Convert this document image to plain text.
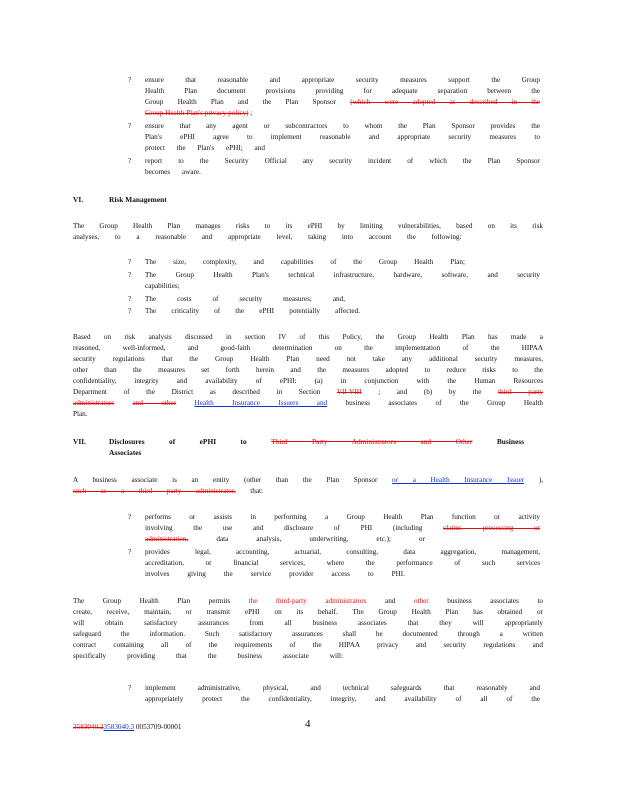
? ensure that reasonable and appropriate security measures support the Group
Health Plan document provisions providing for adequate separation between the
Group Health Plan and the Plan Sponsor (which were adopted as described in the
Group Health Plan's privacy policy) ;
? ensure that any agent or subcontractors to whom the Plan Sponsor provides the
Plan's ePHI agree to implement reasonable and appropriate security measures to
protect the Plan's ePHI; and
? report to the Security Official any security incident of which the Plan Sponsor
becomes aware.
VI.	Risk Management
The Group Health Plan manages risks to its ePHI by limiting vulnerabilities, based on its risk
analyses, to a reasonable and appropriate level, taking into account the following:
? The size, complexity, and capabilities of the Group Health Plan;
? The Group Health Plan's technical infrastructure, hardware, software, and security
capabilities;
? The costs of security measures; and,
? The criticality of the ePHI potentially affected.
Based on risk analysis discussed in section IV of this Policy, the Group Health Plan has made a
reasoned, well-informed, and good-faith determination on the implementation of the HIPAA
security regulations that the Group Health Plan need not take any additional security measures,
other than the measures set forth herein and the measures adopted to reduce risks to the
confidentiality, integrity and availability of ePHI: (a) in conjunction with the Human Resources
Department of the District as described in Section VII-VIII ; and (b) by the third party
administrators	and other	Health Insurance Issuers and	business associates of the Group Health
Plan.
VII.	Disclosures of ePHI to	Third Party Administrators and Other	Business
Associates
A business associate is an entity (other than the Plan Sponsor or a Health Insurance Issuer ),
such as a third party administrator, that:
? performs or assists in performing a Group Health Plan function or activity
involving the use and disclosure of PHI (including	claims processing or
administration,	data analysis, underwriting, etc.); or
? provides legal, accounting, actuarial, consulting, data aggregation, management,
accreditation, or financial services, where the performance of such services
involves giving the service provider access to PHI.
The Group Health Plan permits	the third-party administrators	and	other	business associates to
create, receive, maintain, or transmit ePHI on its behalf. The Group Health Plan has obtained or
will obtain satisfactory assurances from all business associates that they will appropriately
safeguard the information. Such satisfactory assurances shall be documented through a written
contract containing all of the requirements of the HIPAA privacy and security regulations and
specifically providing that the business associate will:
? implement administrative, physical, and technical safeguards that reasonably and
appropriately protect the confidentiality, integrity, and availability of all of the
3583040.23583040.3 0053709-00001	4
